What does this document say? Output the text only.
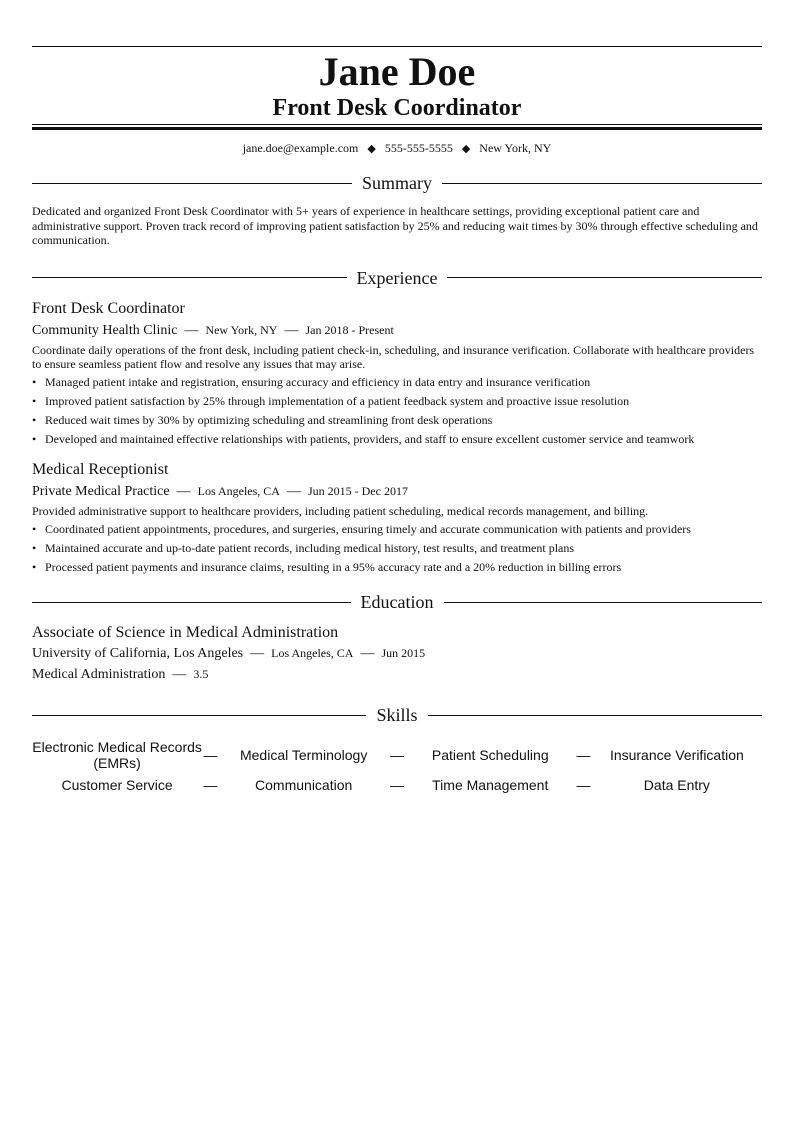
Jane Doe
Front Desk Coordinator
jane.doe@example.com ◆ 555-555-5555 ◆ New York, NY
Summary
Dedicated and organized Front Desk Coordinator with 5+ years of experience in healthcare settings, providing exceptional patient care and administrative support. Proven track record of improving patient satisfaction by 25% and reducing wait times by 30% through effective scheduling and communication.
Experience
Front Desk Coordinator
Community Health Clinic — New York, NY — Jan 2018 - Present
Coordinate daily operations of the front desk, including patient check-in, scheduling, and insurance verification. Collaborate with healthcare providers to ensure seamless patient flow and resolve any issues that may arise.
• Managed patient intake and registration, ensuring accuracy and efficiency in data entry and insurance verification
• Improved patient satisfaction by 25% through implementation of a patient feedback system and proactive issue resolution
• Reduced wait times by 30% by optimizing scheduling and streamlining front desk operations
• Developed and maintained effective relationships with patients, providers, and staff to ensure excellent customer service and teamwork
Medical Receptionist
Private Medical Practice — Los Angeles, CA — Jun 2015 - Dec 2017
Provided administrative support to healthcare providers, including patient scheduling, medical records management, and billing.
• Coordinated patient appointments, procedures, and surgeries, ensuring timely and accurate communication with patients and providers
• Maintained accurate and up-to-date patient records, including medical history, test results, and treatment plans
• Processed patient payments and insurance claims, resulting in a 95% accuracy rate and a 20% reduction in billing errors
Education
Associate of Science in Medical Administration
University of California, Los Angeles — Los Angeles, CA — Jun 2015
Medical Administration — 3.5
Skills
Electronic Medical Records (EMRs)	—	Medical Terminology	—	Patient Scheduling	—	Insurance Verification
Customer Service	—	Communication	—	Time Management	—	Data Entry
